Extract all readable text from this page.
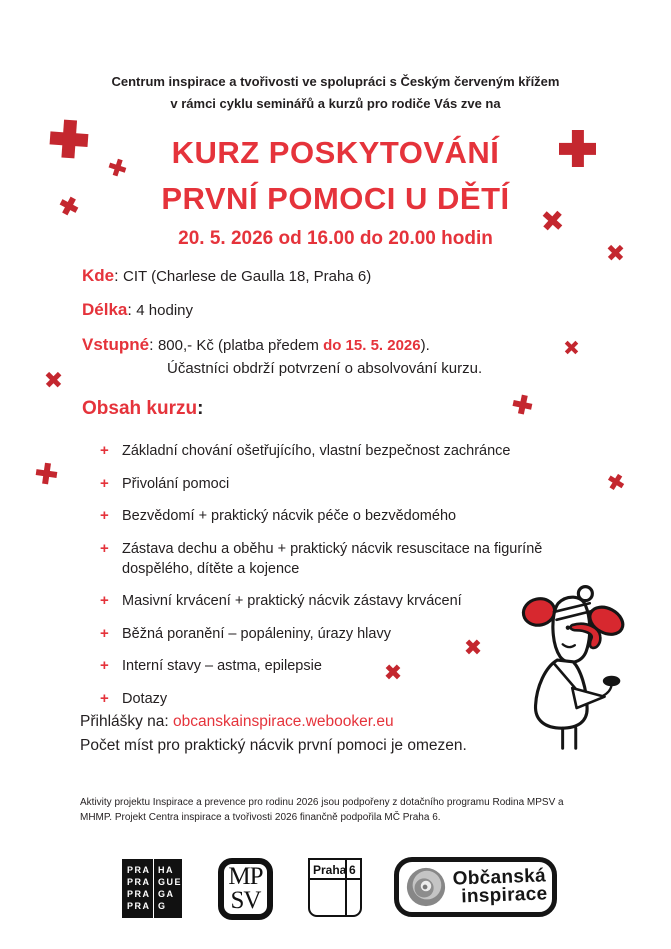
Centrum inspirace a tvořivosti ve spolupráci s Českým červeným křížem
v rámci cyklu seminářů a kurzů pro rodiče Vás zve na
KURZ POSKYTOVÁNÍ
PRVNÍ POMOCI U DĚTÍ
20. 5. 2026 od 16.00 do 20.00 hodin
Kde: CIT (Charlese de Gaulla 18, Praha 6)
Délka: 4 hodiny
Vstupné: 800,- Kč (platba předem do 15. 5. 2026).
Účastníci obdrží potvrzení o absolvování kurzu.
Obsah kurzu:
+ Základní chování ošetřujícího, vlastní bezpečnost zachránce
+ Přivolání pomoci
+ Bezvědomí + praktický nácvik péče o bezvědomého
+ Zástava dechu a oběhu + praktický nácvik resuscitace na figuríně dospělého, dítěte a kojence
+ Masivní krvácení + praktický nácvik zástavy krvácení
+ Běžná poranění – popáleniny, úrazy hlavy
+ Interní stavy – astma, epilepsie
+ Dotazy
Přihlášky na: obcanskainspirace.webooker.eu
Počet míst pro praktický nácvik první pomoci je omezen.
Aktivity projektu Inspirace a prevence pro rodinu 2026 jsou podpořeny z dotačního programu Rodina MPSV a MHMP. Projekt Centra inspirace a tvořivosti 2026 finančně podpořila MČ Praha 6.
PRA
PRA
PRA
PRA
HA
GUE
GA
G
MP
SV
Praha 6	Občanská
inspirace
